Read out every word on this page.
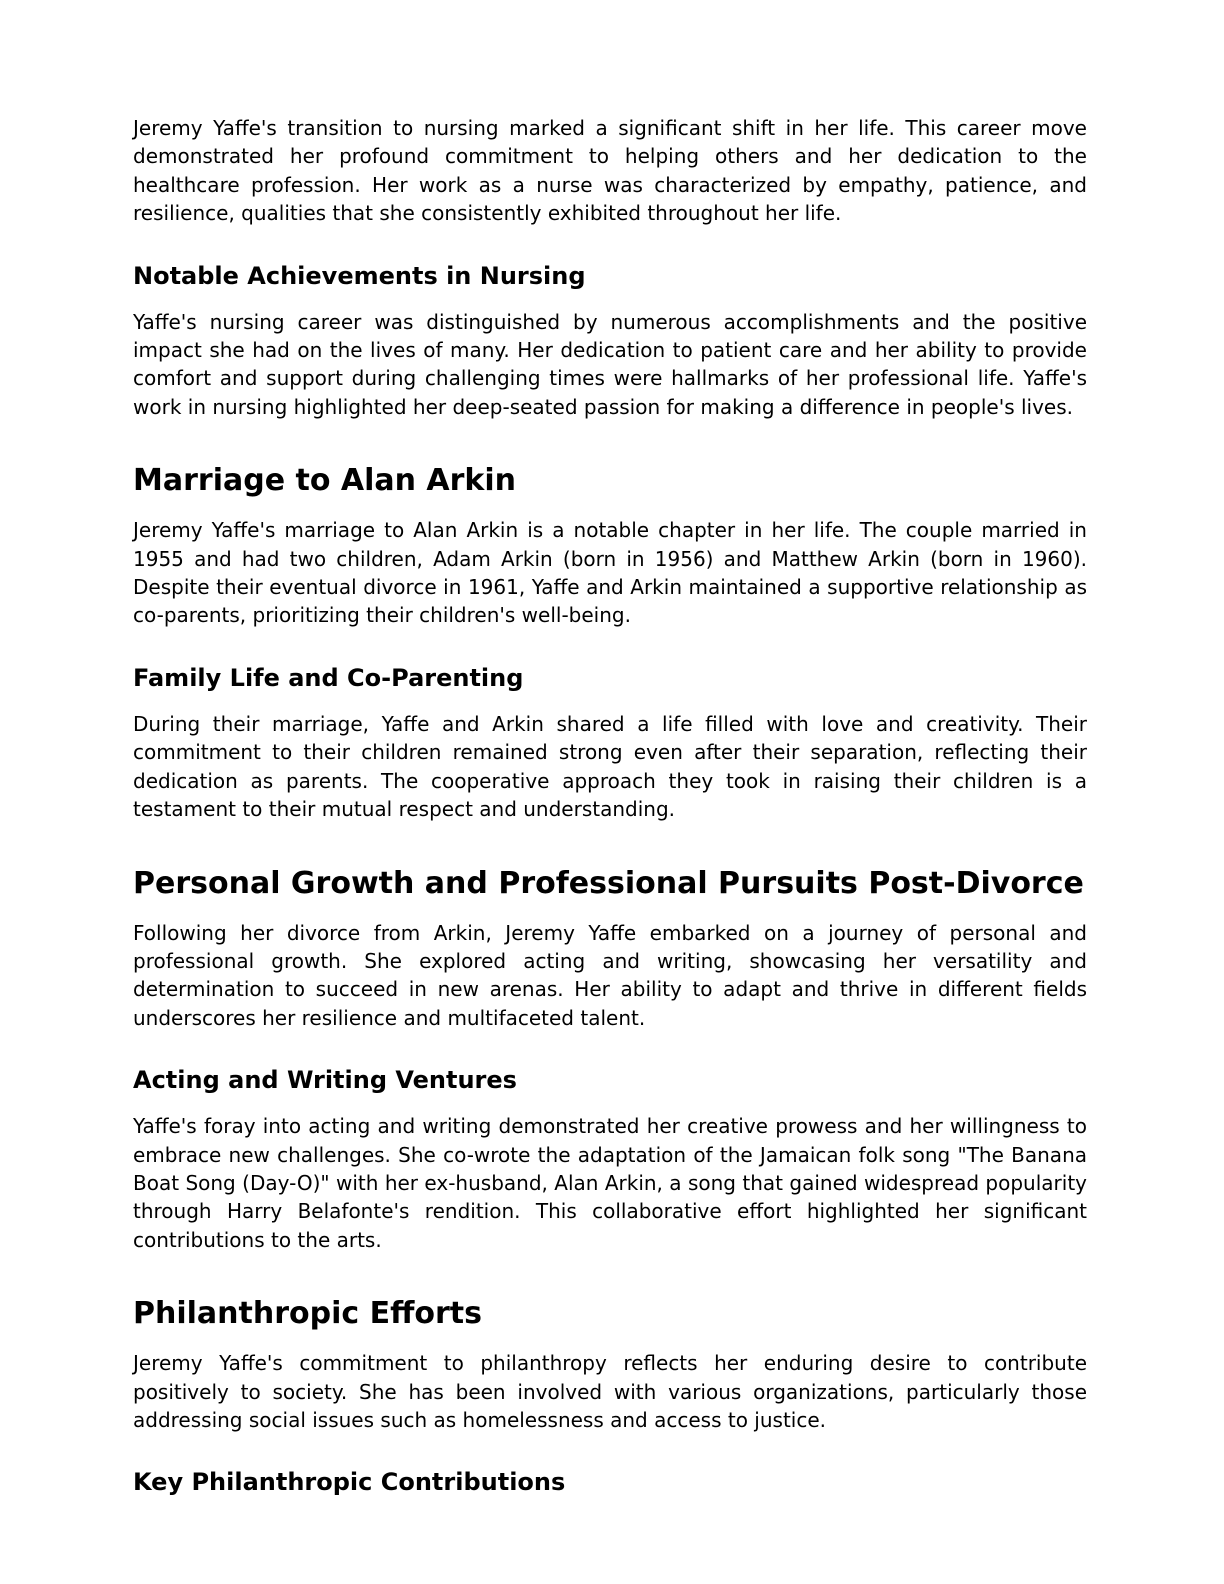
Jeremy Yaffe's transition to nursing marked a significant shift in her life. This career move demonstrated her profound commitment to helping others and her dedication to the healthcare profession. Her work as a nurse was characterized by empathy, patience, and resilience, qualities that she consistently exhibited throughout her life.

Notable Achievements in Nursing

Yaffe's nursing career was distinguished by numerous accomplishments and the positive impact she had on the lives of many. Her dedication to patient care and her ability to provide comfort and support during challenging times were hallmarks of her professional life. Yaffe's work in nursing highlighted her deep-seated passion for making a difference in people's lives.

Marriage to Alan Arkin

Jeremy Yaffe's marriage to Alan Arkin is a notable chapter in her life. The couple married in 1955 and had two children, Adam Arkin (born in 1956) and Matthew Arkin (born in 1960). Despite their eventual divorce in 1961, Yaffe and Arkin maintained a supportive relationship as co-parents, prioritizing their children's well-being.

Family Life and Co-Parenting

During their marriage, Yaffe and Arkin shared a life filled with love and creativity. Their commitment to their children remained strong even after their separation, reflecting their dedication as parents. The cooperative approach they took in raising their children is a testament to their mutual respect and understanding.

Personal Growth and Professional Pursuits Post-Divorce

Following her divorce from Arkin, Jeremy Yaffe embarked on a journey of personal and professional growth. She explored acting and writing, showcasing her versatility and determination to succeed in new arenas. Her ability to adapt and thrive in different fields underscores her resilience and multifaceted talent.

Acting and Writing Ventures

Yaffe's foray into acting and writing demonstrated her creative prowess and her willingness to embrace new challenges. She co-wrote the adaptation of the Jamaican folk song "The Banana Boat Song (Day-O)" with her ex-husband, Alan Arkin, a song that gained widespread popularity through Harry Belafonte's rendition. This collaborative effort highlighted her significant contributions to the arts.

Philanthropic Efforts

Jeremy Yaffe's commitment to philanthropy reflects her enduring desire to contribute positively to society. She has been involved with various organizations, particularly those addressing social issues such as homelessness and access to justice.

Key Philanthropic Contributions
